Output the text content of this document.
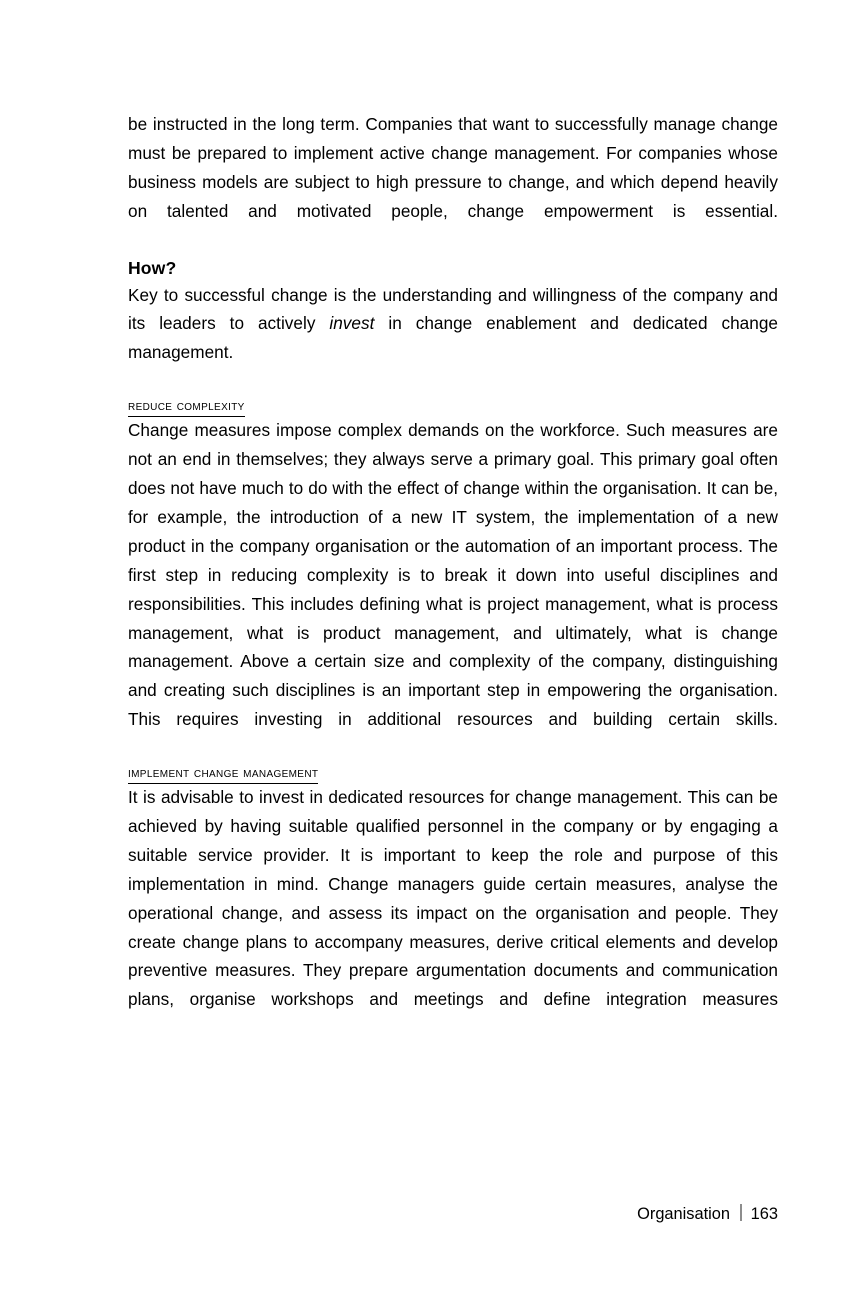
be instructed in the long term. Companies that want to successfully manage change must be prepared to implement active change management. For companies whose business models are subject to high pressure to change, and which depend heavily on talented and motivated people, change empowerment is essential.

How?

Key to successful change is the understanding and willingness of the company and its leaders to actively invest in change enablement and dedicated change management.

reduce complexity

Change measures impose complex demands on the workforce. Such measures are not an end in themselves; they always serve a primary goal. This primary goal often does not have much to do with the effect of change within the organisation. It can be, for example, the introduction of a new IT system, the implementation of a new product in the company organisation or the automation of an important process. The first step in reducing complexity is to break it down into useful disciplines and responsibilities. This includes defining what is project management, what is process management, what is product management, and ultimately, what is change management. Above a certain size and complexity of the company, distinguishing and creating such disciplines is an important step in empowering the organisation. This requires investing in additional resources and building certain skills.

implement change management

It is advisable to invest in dedicated resources for change management. This can be achieved by having suitable qualified personnel in the company or by engaging a suitable service provider. It is important to keep the role and purpose of this implementation in mind. Change managers guide certain measures, analyse the operational change, and assess its impact on the organisation and people. They create change plans to accompany measures, derive critical elements and develop preventive measures. They prepare argumentation documents and communication plans, organise workshops and meetings and define integration measures

Organisation 163
